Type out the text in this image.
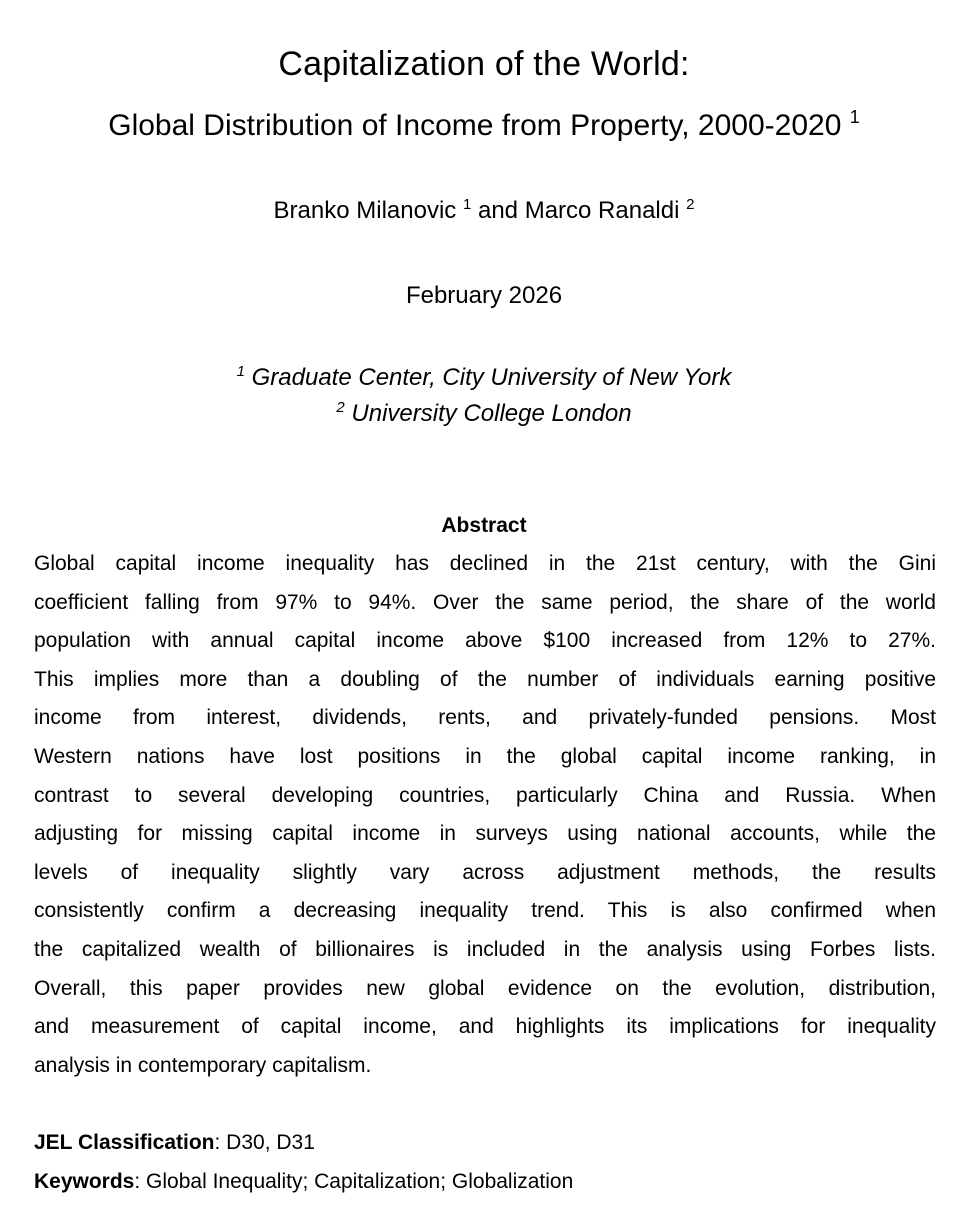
Capitalization of the World:
Global Distribution of Income from Property, 2000-2020 $^1$
Branko Milanovic $^1$ and Marco Ranaldi $^2$
February 2026
$^1$ Graduate Center, City University of New York
$^2$ University College London
Abstract
Global capital income inequality has declined in the 21st century, with the Gini
coefficient falling from 97% to 94%. Over the same period, the share of the world
population with annual capital income above $100 increased from 12% to 27%.
This implies more than a doubling of the number of individuals earning positive
income from interest, dividends, rents, and privately-funded pensions. Most
Western nations have lost positions in the global capital income ranking, in
contrast to several developing countries, particularly China and Russia. When
adjusting for missing capital income in surveys using national accounts, while the
levels of inequality slightly vary across adjustment methods, the results
consistently confirm a decreasing inequality trend. This is also confirmed when
the capitalized wealth of billionaires is included in the analysis using Forbes lists.
Overall, this paper provides new global evidence on the evolution, distribution,
and measurement of capital income, and highlights its implications for inequality
analysis in contemporary capitalism.
JEL Classification: D30, D31
Keywords: Global Inequality; Capitalization; Globalization
